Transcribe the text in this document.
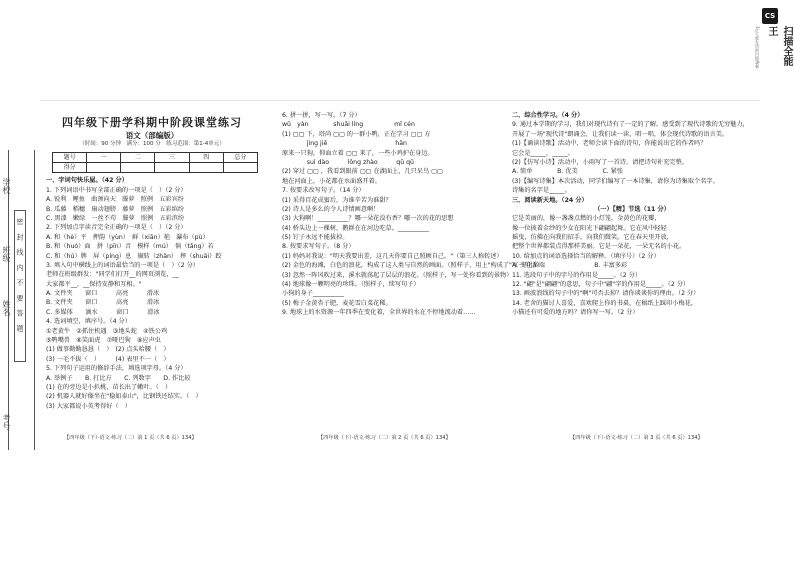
学校
班级
姓名
考号
密 封 线 内 不 要 答 题
CS
扫描全能王
3亿人都在用的扫描App
四年级下册学科期中阶段课堂练习
语文（部编版）
（时间：90 分钟　满分：100 分　练习范围：第1-4单元）
题号	一	二	三	四	总分
得分					
一、字词句快乐屋。（42 分）
1. 下列词语中书写全部正确的一项是（　）（2 分）
A. 锐利　鲤鱼　曲颈向天　滕萝　照例　五彩宾纷
B. 瓜藤　稻穗　扇动翅膀　藤萝　照例　五彩缤纷
C. 黑漆　嫩绿　一丝不苟　滕萝　照例　五彩滨纷
2. 下列加点字读音完全正确的一项是（　）（2 分）
A. 和（hè）平　押韵（yùn）　鲜（xiān）艳　瀑布（pù）
B. 和（huó）面　拼（pīn）音　模样（mú）　倘（tǎng）若
C. 和（hú）牌　屏（píng）息　辗转（zhǎn）　摔（shuāi）跤
3. 填入句中横线上的词语最恰当的一项是（　）（2 分）
老师在班级群发："同学们打开__的网页浏览，__
大家都平__，__保持安静和互相。"
A. 文件夹　　窗口　　　高亮　　　滑冰
B. 文件夹　　窗口　　　高亮　　　滑冰
C. 多媒体　　滴水　　　窗口　　　滑冰
4. 选词填空，填序号。（4 分）
①老黄牛　②抓住机遇　③地头蛇　④铁公鸡
⑤鸭嘴兽　⑥笑面虎　⑦哑巴狗　⑧应声虫
(1) 做事勤勤恳恳（　）　(2) 点头哈腰（　）
(3) 一毛不拔（　）　　　(4) 表里不一（　）
5. 下列句子运用的修辞手法，填选项字母。（4 分）
A. 举例子　　B. 打比方　　C. 列数字　　D. 作比较
(1) 在的旁边是小扒桃，苗长出了嫩叶。（　）
(2) 机器人就好像坐在"稳如泰山"，比钢铁还结实。（　）
(3) 大家都说小英考得好（　）
【四年级（下）·语文·练习（二）第 1 页（共 6 页）134】
6. 拼一拼，写一写。（7 分）
wǔ　yàn　　　　shuǎi líng　　　　　mǐ cén
(1) ▢▢ 下，塔尚 ▢▢ 的一群小鸭，正在学习 ▢▢ 方
　　　　jìng jiē　　　　　　　　　　　hān
原来一只狗，仰面立着 ▢▢ 来了，一些小鸡护在身边。
　　　　suì dào　　　lǒng zhào　　　qǔ qǔ
(2) 穿过 ▢▢ ，我看到眼前 ▢▢ 在湖面上，几只呆鸟 ▢▢
地在河面上，小花都在水面盛开着。
7. 按要求改写句子。（14 分）
(1) 采得百花成蜜后，为谁辛苦为谁甜？
(2) 诗人是多么的令人诗情画意啊！
(3) 大狗啊！__________？哪一朵花没有香？哪一次的花的思想
(4) 桥头边上一棵树，鹅群在在河边吃草。__________
(5) 钉子永远不能拔掉。
8. 按要求写句子。（8 分）
(1) 妈妈对我说："明天我要出差，这几天你要自己照顾自己。"（第三人称转述）
(2) 金色的海滩，白色的浪花，构成了这人类与自然的画面。（照样子，用上"构成了"写一句话）
(3) 忽然一阵风吹过来，溪水就荡起了层层的浪花。（照样子，写一处你看到的景物）
(4) 地球像一颗明亮的珍珠。（照样子，续写句子）
小狗的身子__________
(5) 梅子金黄杏子肥，麦花雪白菜花稀。
9. 地球上的水资源一年四季在变化着，全世界的水在不停地流动着……
【四年级（下）·语文·练习（二）第 2 页（共 6 页）134】
二、综合性学习。（4 分）
9. 通过本学期的学习，我们对现代诗有了一定的了解。感受到了现代诗歌的无穷魅力，
开展了一场"现代诗"朗诵会，让我们读一读，唱一唱，体会现代诗歌的语言美。
(1)【诵读诗歌】活动中，老师会读下面的诗句，你能说出它的作者吗？
它会是_____，_____。
(2)【仿写小诗】活动中，小雨写了一首诗，请把诗句补充完整。
A. 简单　　　　B. 优美　　　　C. 紧张
(3)【编写诗集】本次活动，同学们编写了一本诗集，请你为诗集取个名字。
诗集的名字是_____。
三、阅读新天地。（24 分）
（一）【精】节选（11 分）
它是美丽的，像一盏盏点燃的小灯笼，金黄色的花瓣，
像一位披着金纱的少女在阳光下翩翩起舞。它在风中轻轻
摇曳，仿佛在向我们招手，向我们微笑。它在春天里开放，
把整个世界都装点得那样美丽。它是一朵花，一朵无名的小花。
10. 给加点的词语选择恰当的解释。（填序号）（2 分）
A. 变化多端　　　　　　　　B. 丰富多彩
11. 选段句子中的字号的作用是_____。（2 分）
12. "翩"是"翩翩"的意思，句子中"翩"字的作用是_____。（2 分）
13. 画波浪线的句子中的"啊"可否去掉？请你谈谈你的理由。（2 分）
14. 老舍的猫讨人喜爱，喜欢爬上你的书桌，在稿纸上踩印小梅花，
小猫还有可爱的地方吗？请你写一写。（2 分）
【四年级（下）·语文·练习（二）第 3 页（共 6 页）134】
